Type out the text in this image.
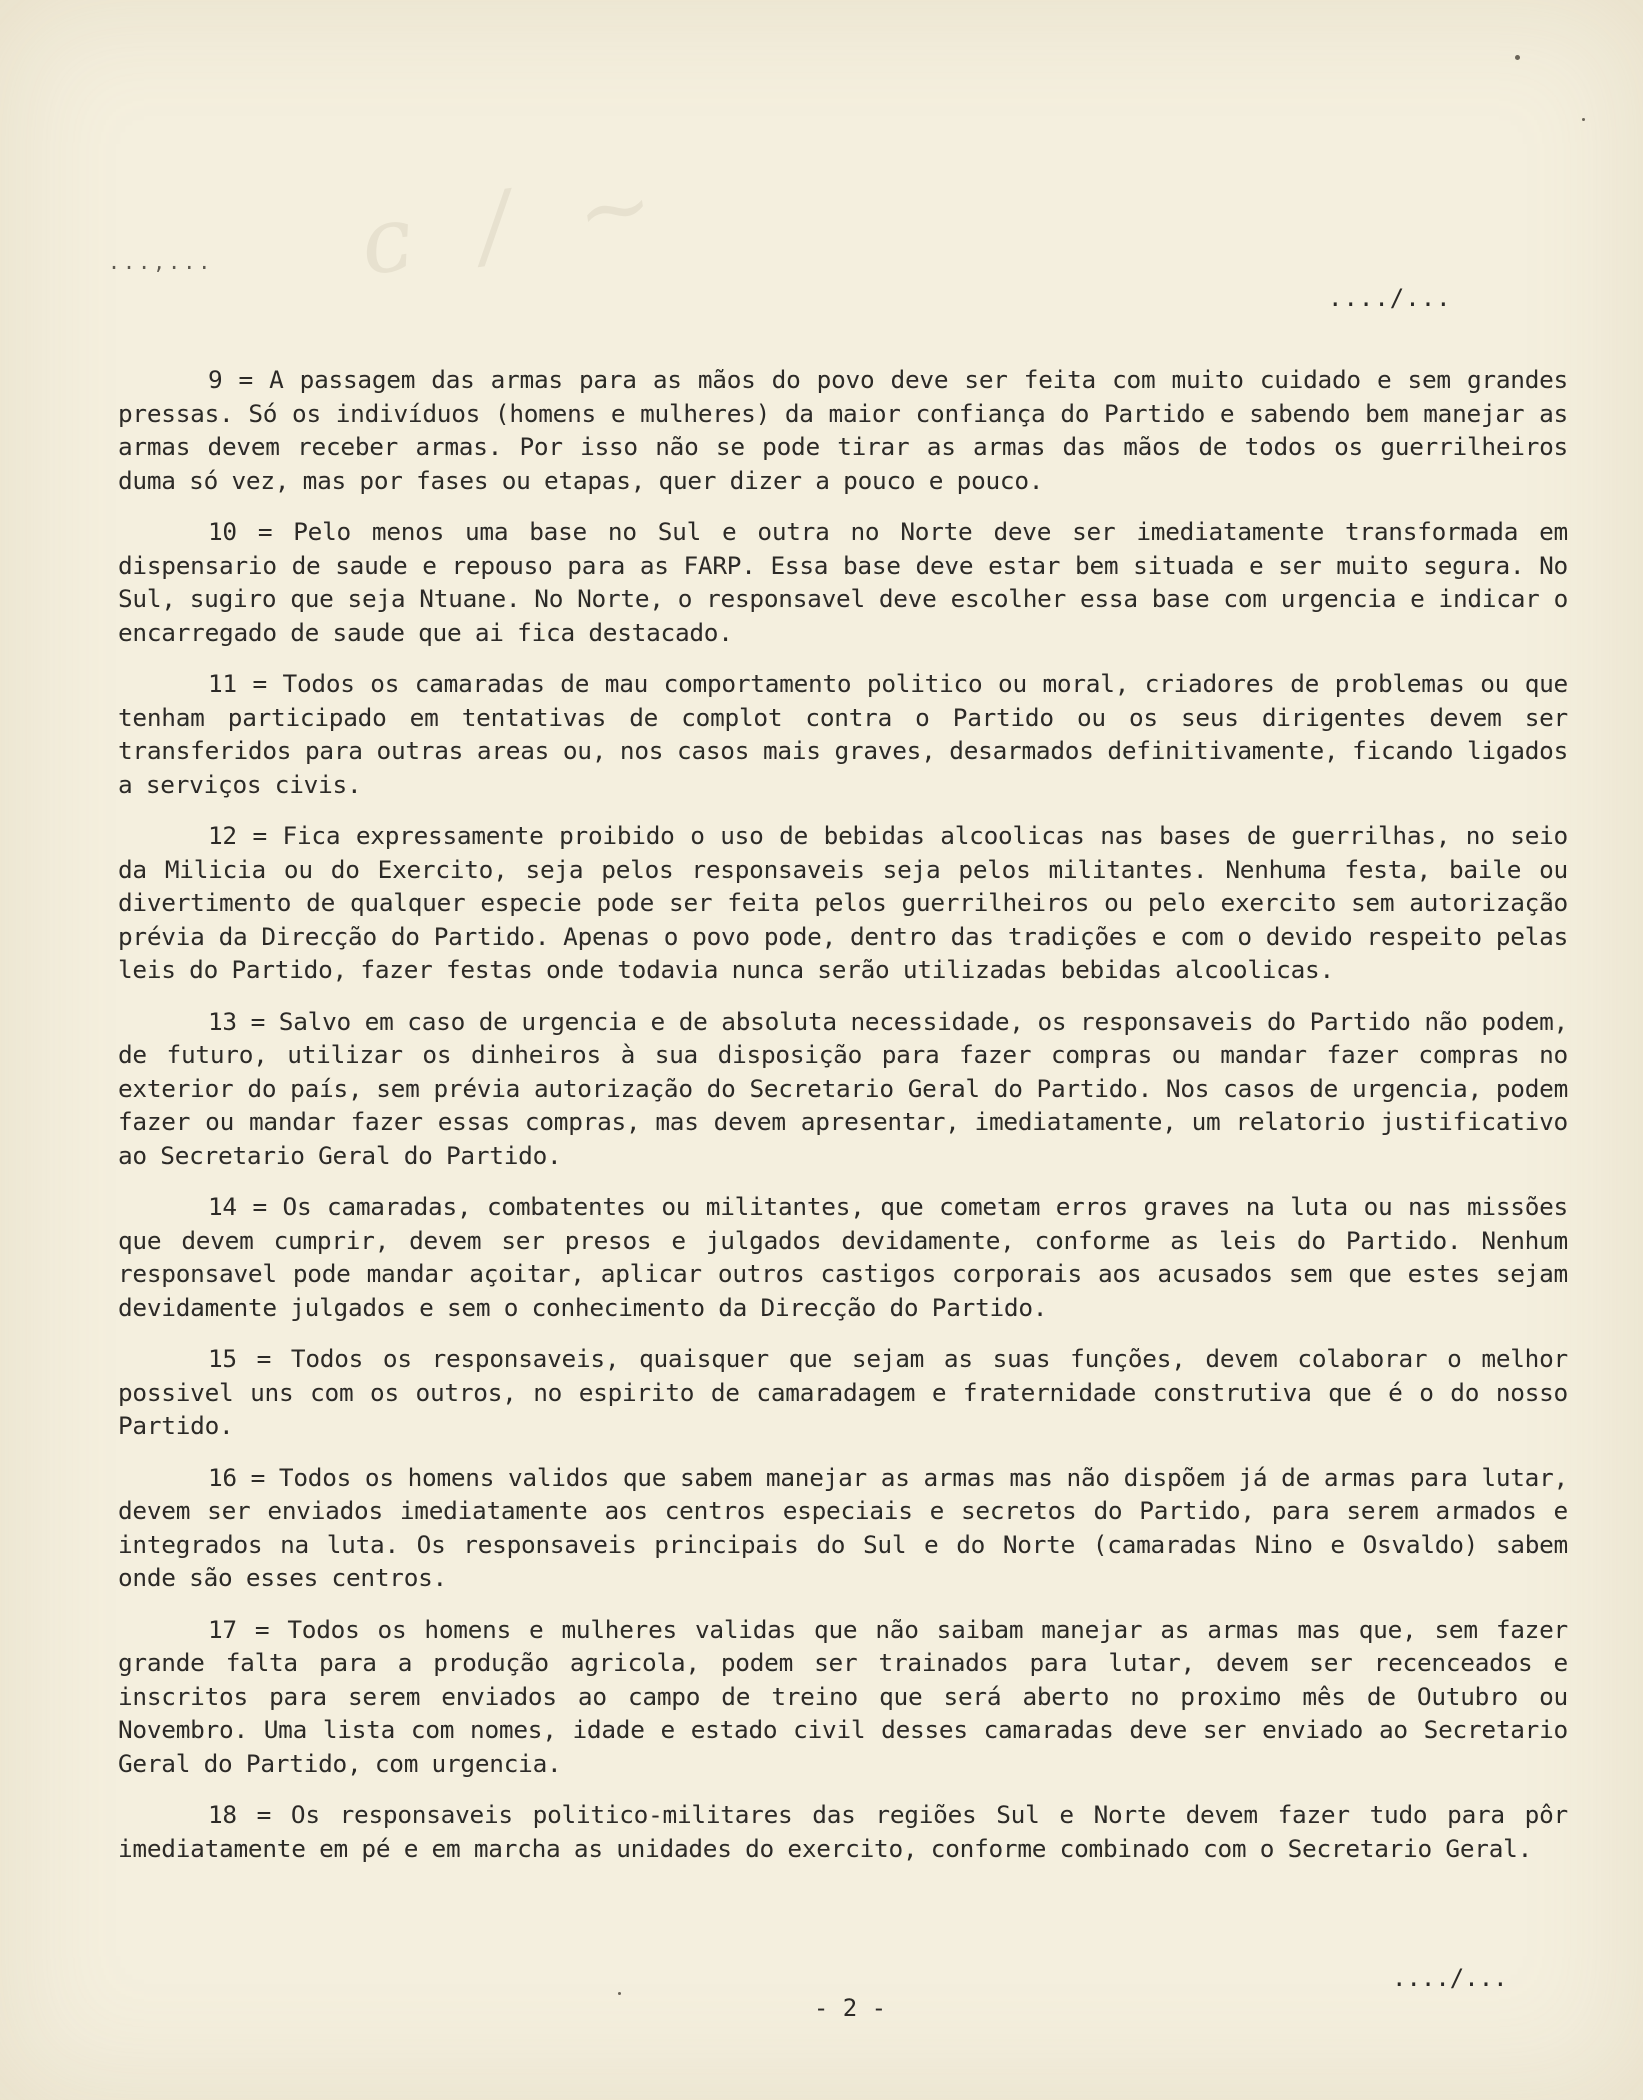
ᴄ / ~
...,...
..../...

9 = A passagem das armas para as mãos do povo deve ser feita com muito cuidado e sem grandes pressas. Só os indivíduos (homens e mulheres) da maior confiança do Partido e sabendo bem manejar as armas devem receber armas. Por isso não se pode tirar as armas das mãos de todos os guerrilheiros duma só vez, mas por fases ou etapas, quer dizer a pouco e pouco.

10 = Pelo menos uma base no Sul e outra no Norte deve ser imediatamente transformada em dispensario de saude e repouso para as FARP. Essa base deve estar bem situada e ser muito segura. No Sul, sugiro que seja Ntuane. No Norte, o responsavel deve escolher essa base com urgencia e indicar o encarregado de saude que ai fica destacado.

11 = Todos os camaradas de mau comportamento politico ou moral, criadores de problemas ou que tenham participado em tentativas de complot contra o Partido ou os seus dirigentes devem ser transferidos para outras areas ou, nos casos mais graves, desarmados definitivamente, ficando ligados a serviços civis.

12 = Fica expressamente proibido o uso de bebidas alcoolicas nas bases de guerrilhas, no seio da Milicia ou do Exercito, seja pelos responsaveis seja pelos militantes. Nenhuma festa, baile ou divertimento de qualquer especie pode ser feita pelos guerrilheiros ou pelo exercito sem autorização prévia da Direcção do Partido. Apenas o povo pode, dentro das tradições e com o devido respeito pelas leis do Partido, fazer festas onde todavia nunca serão utilizadas bebidas alcoolicas.

13 = Salvo em caso de urgencia e de absoluta necessidade, os responsaveis do Partido não podem, de futuro, utilizar os dinheiros à sua disposição para fazer compras ou mandar fazer compras no exterior do país, sem prévia autorização do Secretario Geral do Partido. Nos casos de urgencia, podem fazer ou mandar fazer essas compras, mas devem apresentar, imediatamente, um relatorio justificativo ao Secretario Geral do Partido.

14 = Os camaradas, combatentes ou militantes, que cometam erros graves na luta ou nas missões que devem cumprir, devem ser presos e julgados devidamente, conforme as leis do Partido. Nenhum responsavel pode mandar açoitar, aplicar outros castigos corporais aos acusados sem que estes sejam devidamente julgados e sem o conhecimento da Direcção do Partido.

15 = Todos os responsaveis, quaisquer que sejam as suas funções, devem colaborar o melhor possivel uns com os outros, no espirito de camaradagem e fraternidade construtiva que é o do nosso Partido.

16 = Todos os homens validos que sabem manejar as armas mas não dispõem já de armas para lutar, devem ser enviados imediatamente aos centros especiais e secretos do Partido, para serem armados e integrados na luta. Os responsaveis principais do Sul e do Norte (camaradas Nino e Osvaldo) sabem onde são esses centros.

17 = Todos os homens e mulheres validas que não saibam manejar as armas mas que, sem fazer grande falta para a produção agricola, podem ser trainados para lutar, devem ser recenceados e inscritos para serem enviados ao campo de treino que será aberto no proximo mês de Outubro ou Novembro. Uma lista com nomes, idade e estado civil desses camaradas deve ser enviado ao Secretario Geral do Partido, com urgencia.

18 = Os responsaveis politico-militares das regiões Sul e Norte devem fazer tudo para pôr imediatamente em pé e em marcha as unidades do exercito, conforme combinado com o Secretario Geral.

..../...
- 2 -
